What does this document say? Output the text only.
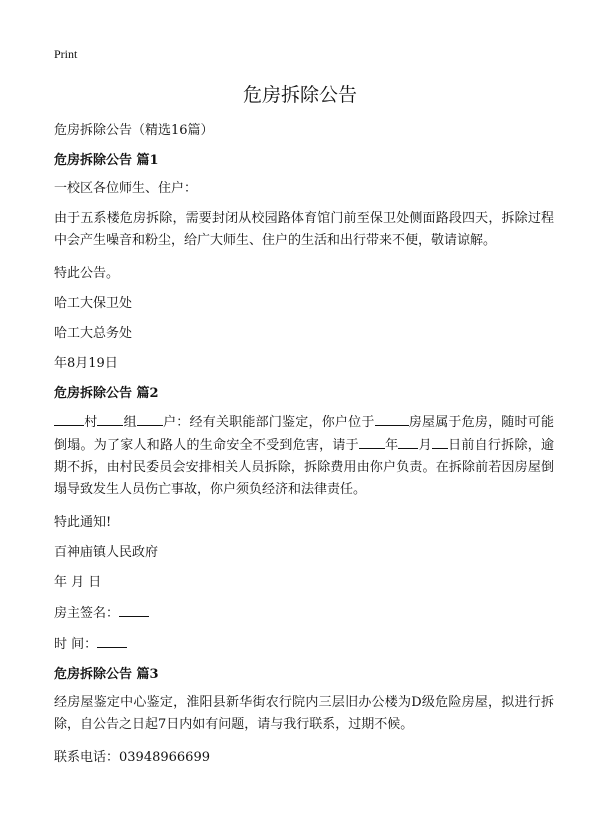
Print
危房拆除公告

危房拆除公告（精选16篇）

危房拆除公告 篇1

一校区各位师生、住户：

由于五系楼危房拆除，需要封闭从校园路体育馆门前至保卫处侧面路段四天，拆除过程中会产生噪音和粉尘，给广大师生、住户的生活和出行带来不便，敬请谅解。

特此公告。

哈工大保卫处

哈工大总务处

年8月19日

危房拆除公告 篇2

村 组 户：经有关职能部门鉴定，你户位于	房屋属于危房，随时可能倒塌。为了家人和路人的生命安全不受到危害，请于 年 月 日前自行拆除，逾期不拆，由村民委员会安排相关人员拆除，拆除费用由你户负责。在拆除前若因房屋倒塌导致发生人员伤亡事故，你户须负经济和法律责任。

特此通知!

百神庙镇人民政府

年 月 日

房主签名：

时 间：

危房拆除公告 篇3

经房屋鉴定中心鉴定，淮阳县新华街农行院内三层旧办公楼为D级危险房屋，拟进行拆除，自公告之日起7日内如有问题，请与我行联系，过期不候。

联系电话：03948966699
